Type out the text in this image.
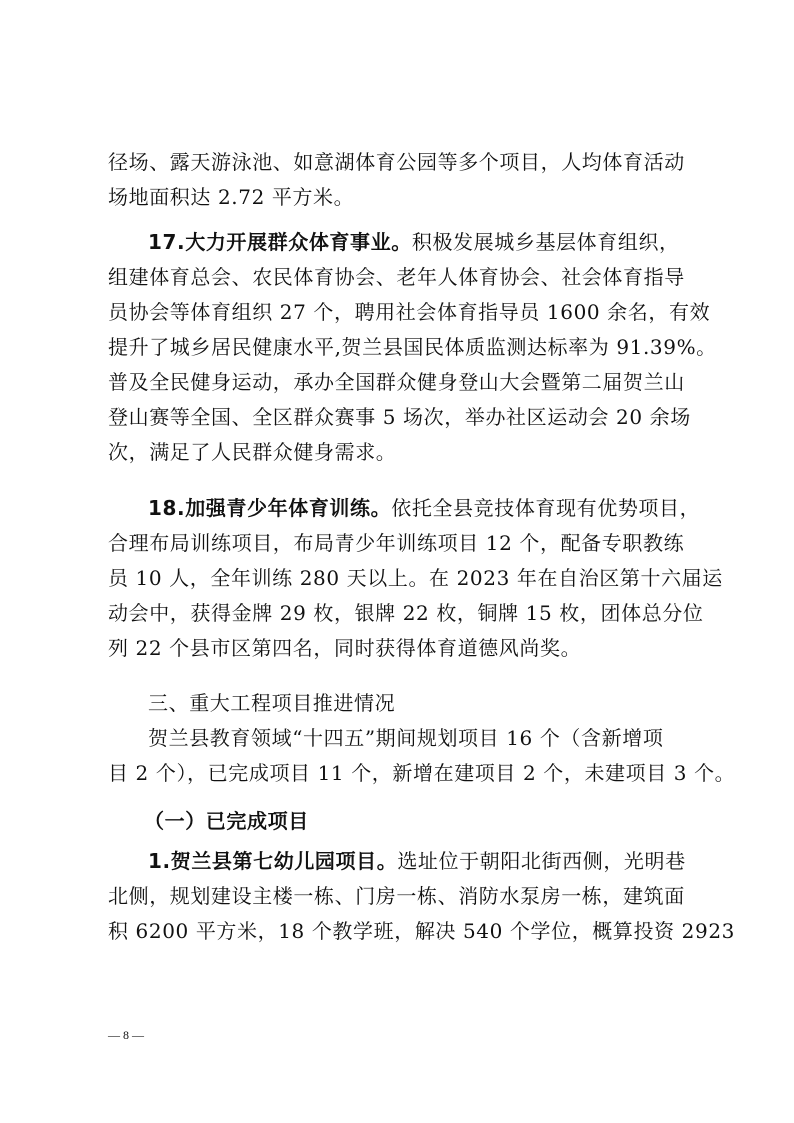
径场、露天游泳池、如意湖体育公园等多个项目，人均体育活动
场地面积达 2.72 平方米。
17.大力开展群众体育事业。积极发展城乡基层体育组织，
组建体育总会、农民体育协会、老年人体育协会、社会体育指导
员协会等体育组织 27 个，聘用社会体育指导员 1600 余名，有效
提升了城乡居民健康水平,贺兰县国民体质监测达标率为 91.39%。
普及全民健身运动，承办全国群众健身登山大会暨第二届贺兰山
登山赛等全国、全区群众赛事 5 场次，举办社区运动会 20 余场
次，满足了人民群众健身需求。
18.加强青少年体育训练。依托全县竞技体育现有优势项目，
合理布局训练项目，布局青少年训练项目 12 个，配备专职教练
员 10 人，全年训练 280 天以上。在 2023 年在自治区第十六届运
动会中，获得金牌 29 枚，银牌 22 枚，铜牌 15 枚，团体总分位
列 22 个县市区第四名，同时获得体育道德风尚奖。
三、重大工程项目推进情况
贺兰县教育领域“十四五”期间规划项目 16 个（含新增项
目 2 个），已完成项目 11 个，新增在建项目 2 个，未建项目 3 个。
（一）已完成项目
1.贺兰县第七幼儿园项目。选址位于朝阳北街西侧，光明巷
北侧，规划建设主楼一栋、门房一栋、消防水泵房一栋，建筑面
积 6200 平方米，18 个教学班，解决 540 个学位，概算投资 2923
— 8 —
